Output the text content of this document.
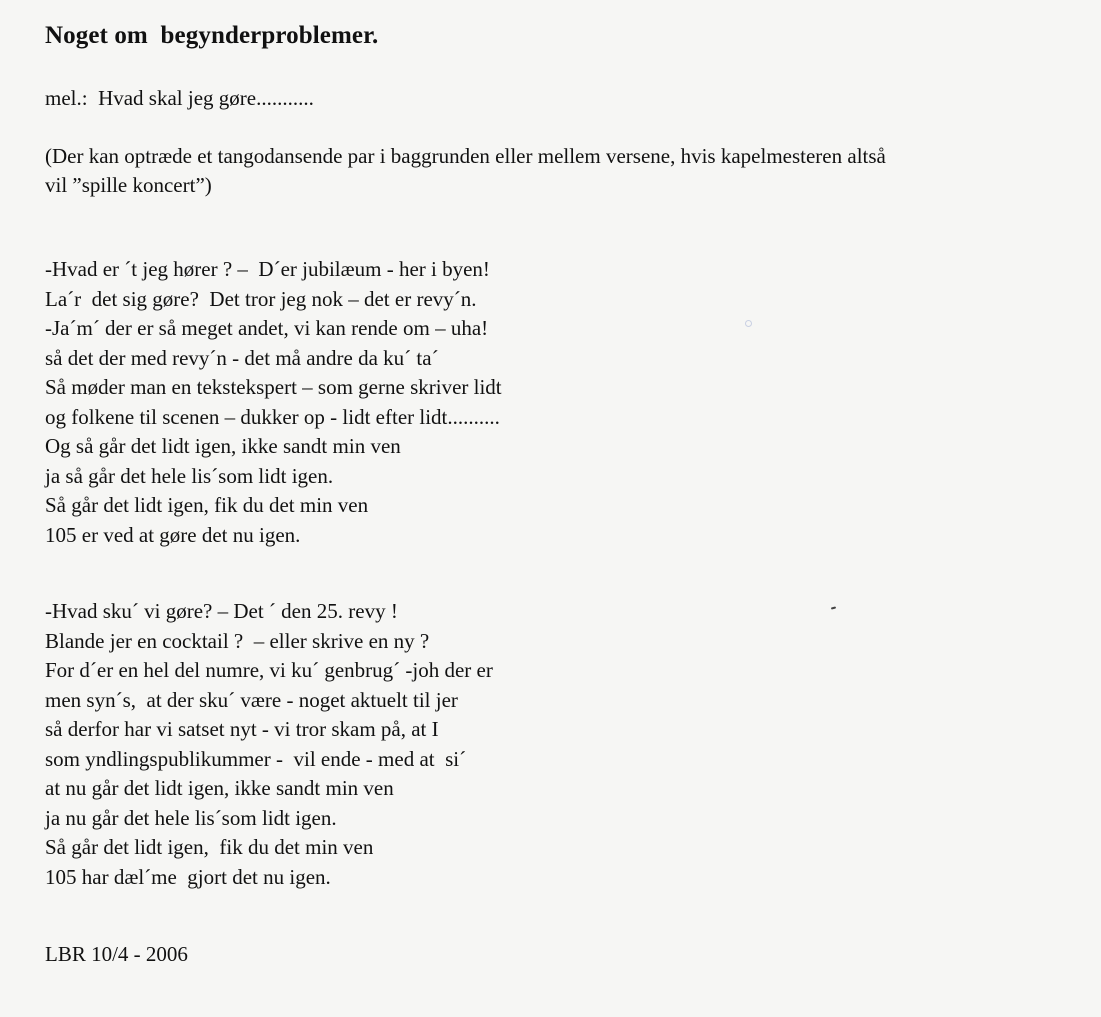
Noget om  begynderproblemer.

mel.:  Hvad skal jeg gøre...........

(Der kan optræde et tangodansende par i baggrunden eller mellem versene, hvis kapelmesteren altså
vil ”spille koncert”)

-Hvad er ´t jeg hører ? –  D´er jubilæum - her i byen!
La´r  det sig gøre?  Det tror jeg nok – det er revy´n.
-Ja´m´ der er så meget andet, vi kan rende om – uha!
så det der med revy´n - det må andre da ku´ ta´
Så møder man en tekstekspert – som gerne skriver lidt
og folkene til scenen – dukker op - lidt efter lidt..........
Og så går det lidt igen, ikke sandt min ven
ja så går det hele lis´som lidt igen.
Så går det lidt igen, fik du det min ven
105 er ved at gøre det nu igen.
-Hvad sku´ vi gøre? – Det ´ den 25. revy !
Blande jer en cocktail ?  – eller skrive en ny ?
For d´er en hel del numre, vi ku´ genbrug´ -joh der er
men syn´s,  at der sku´ være - noget aktuelt til jer
så derfor har vi satset nyt - vi tror skam på, at I
som yndlingspublikummer -  vil ende - med at  si´
at nu går det lidt igen, ikke sandt min ven
ja nu går det hele lis´som lidt igen.
Så går det lidt igen,  fik du det min ven
105 har dæl´me  gjort det nu igen.

LBR 10/4 - 2006
